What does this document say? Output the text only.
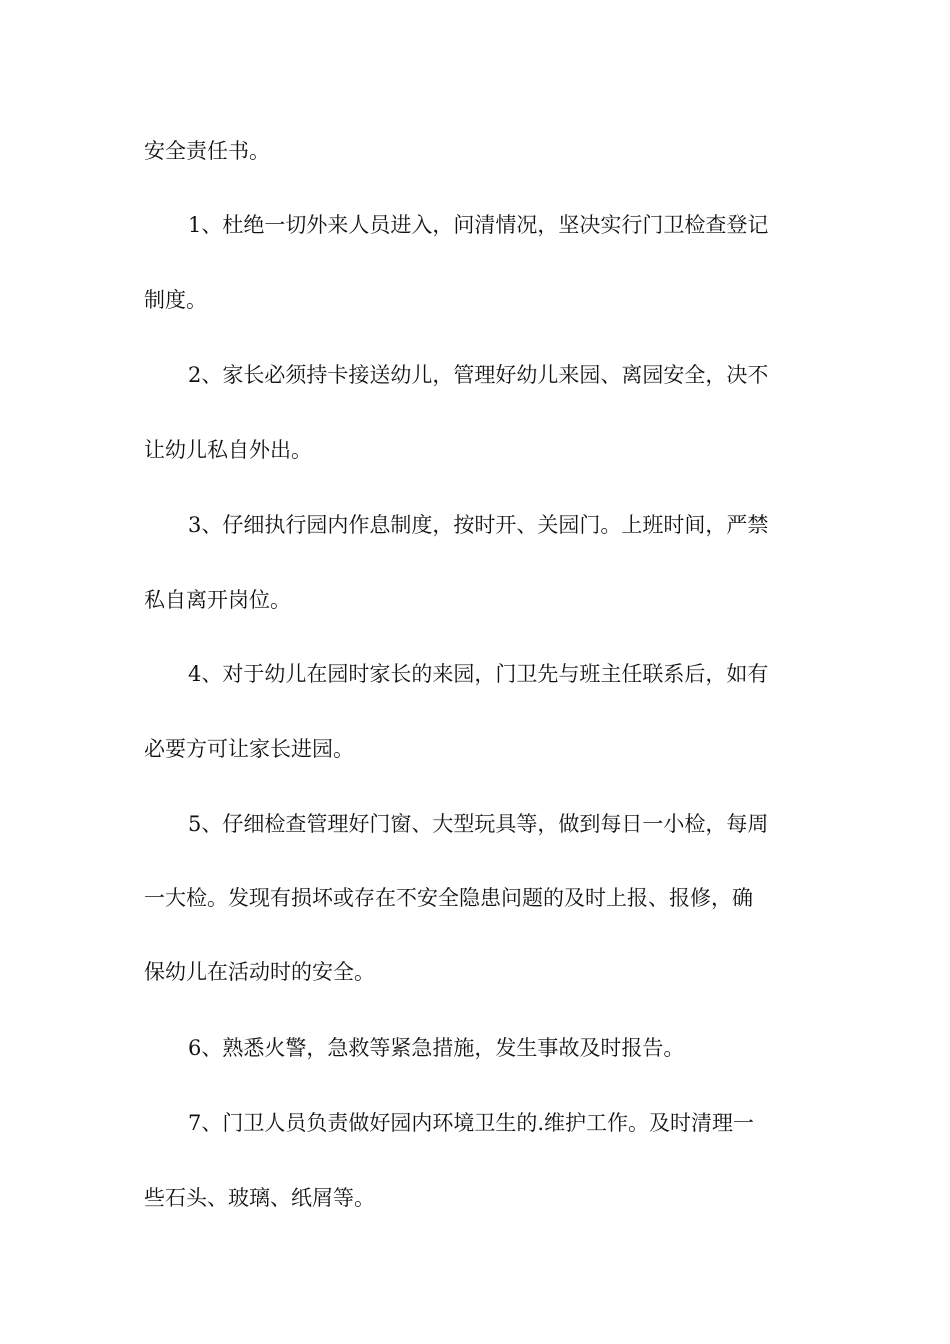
安全责任书。
1、杜绝一切外来人员进入，问清情况，坚决实行门卫检查登记
制度。
2、家长必须持卡接送幼儿，管理好幼儿来园、离园安全，决不
让幼儿私自外出。
3、仔细执行园内作息制度，按时开、关园门。上班时间，严禁
私自离开岗位。
4、对于幼儿在园时家长的来园，门卫先与班主任联系后，如有
必要方可让家长进园。
5、仔细检查管理好门窗、大型玩具等，做到每日一小检，每周
一大检。发现有损坏或存在不安全隐患问题的及时上报、报修，确
保幼儿在活动时的安全。
6、熟悉火警，急救等紧急措施，发生事故及时报告。
7、门卫人员负责做好园内环境卫生的.维护工作。及时清理一
些石头、玻璃、纸屑等。
